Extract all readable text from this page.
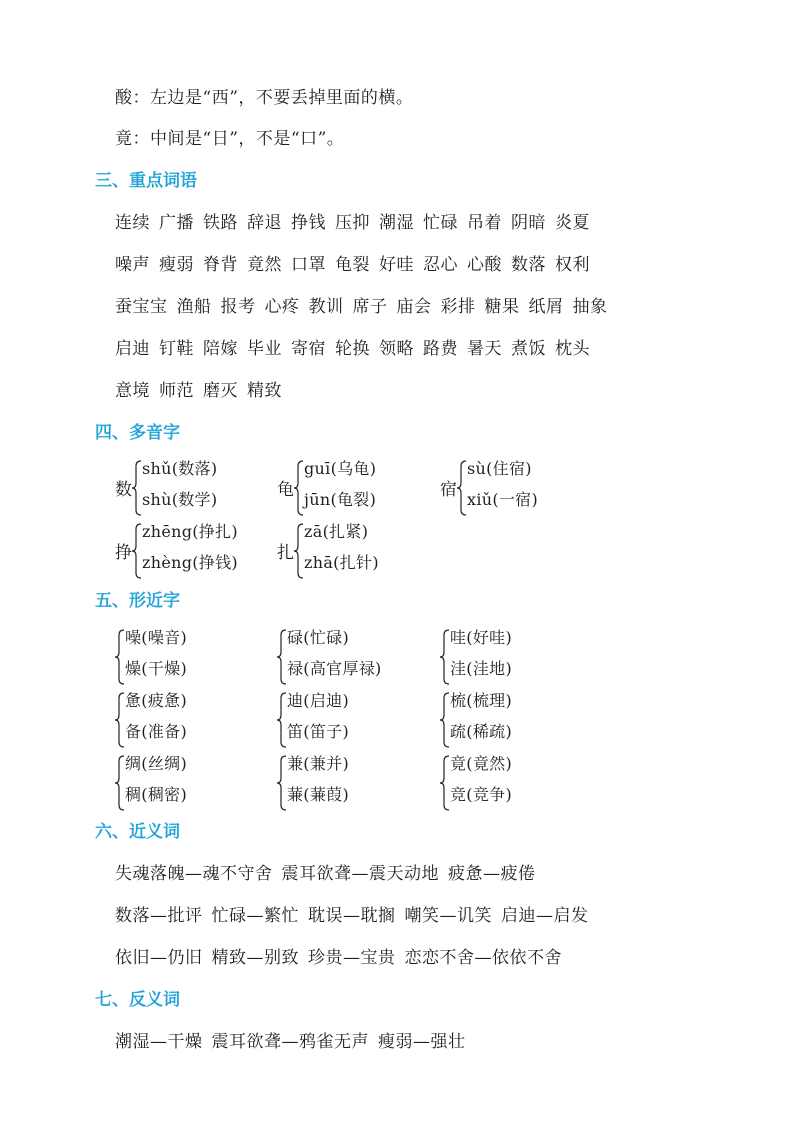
酸：左边是“西”，不要丢掉里面的横。
竟：中间是“日”，不是“口”。
三、重点词语
连续 广播 铁路 辞退 挣钱 压抑 潮湿 忙碌 吊着 阴暗 炎夏
噪声 瘦弱 脊背 竟然 口罩 龟裂 好哇 忍心 心酸 数落 权利
蚕宝宝 渔船 报考 心疼 教训 席子 庙会 彩排 糖果 纸屑 抽象
启迪 钉鞋 陪嫁 毕业 寄宿 轮换 领略 路费 暑天 煮饭 枕头
意境 师范 磨灭 精致
四、多音字
数
shǔ(数落)
shù(数学)	龟
guī(乌龟)
jūn(龟裂)	宿
sù(住宿)
xiǔ(一宿)
挣
zhēng(挣扎)
zhèng(挣钱) 扎
zā(扎紧)
zhā(扎针)
五、形近字
噪(噪音)
燥(干燥)
碌(忙碌)
禄(高官厚禄)
哇(好哇)
洼(洼地)
惫(疲惫)
备(准备)
迪(启迪)
笛(笛子)
梳(梳理)
疏(稀疏)
绸(丝绸)
稠(稠密)
兼(兼并)
蒹(蒹葭)
竟(竟然)
竞(竞争)
六、近义词
失魂落魄—魂不守舍 震耳欲聋—震天动地 疲惫—疲倦
数落—批评 忙碌—繁忙 耽误—耽搁 嘲笑—讥笑 启迪—启发
依旧—仍旧 精致—别致 珍贵—宝贵 恋恋不舍—依依不舍
七、反义词
潮湿—干燥 震耳欲聋—鸦雀无声 瘦弱—强壮
